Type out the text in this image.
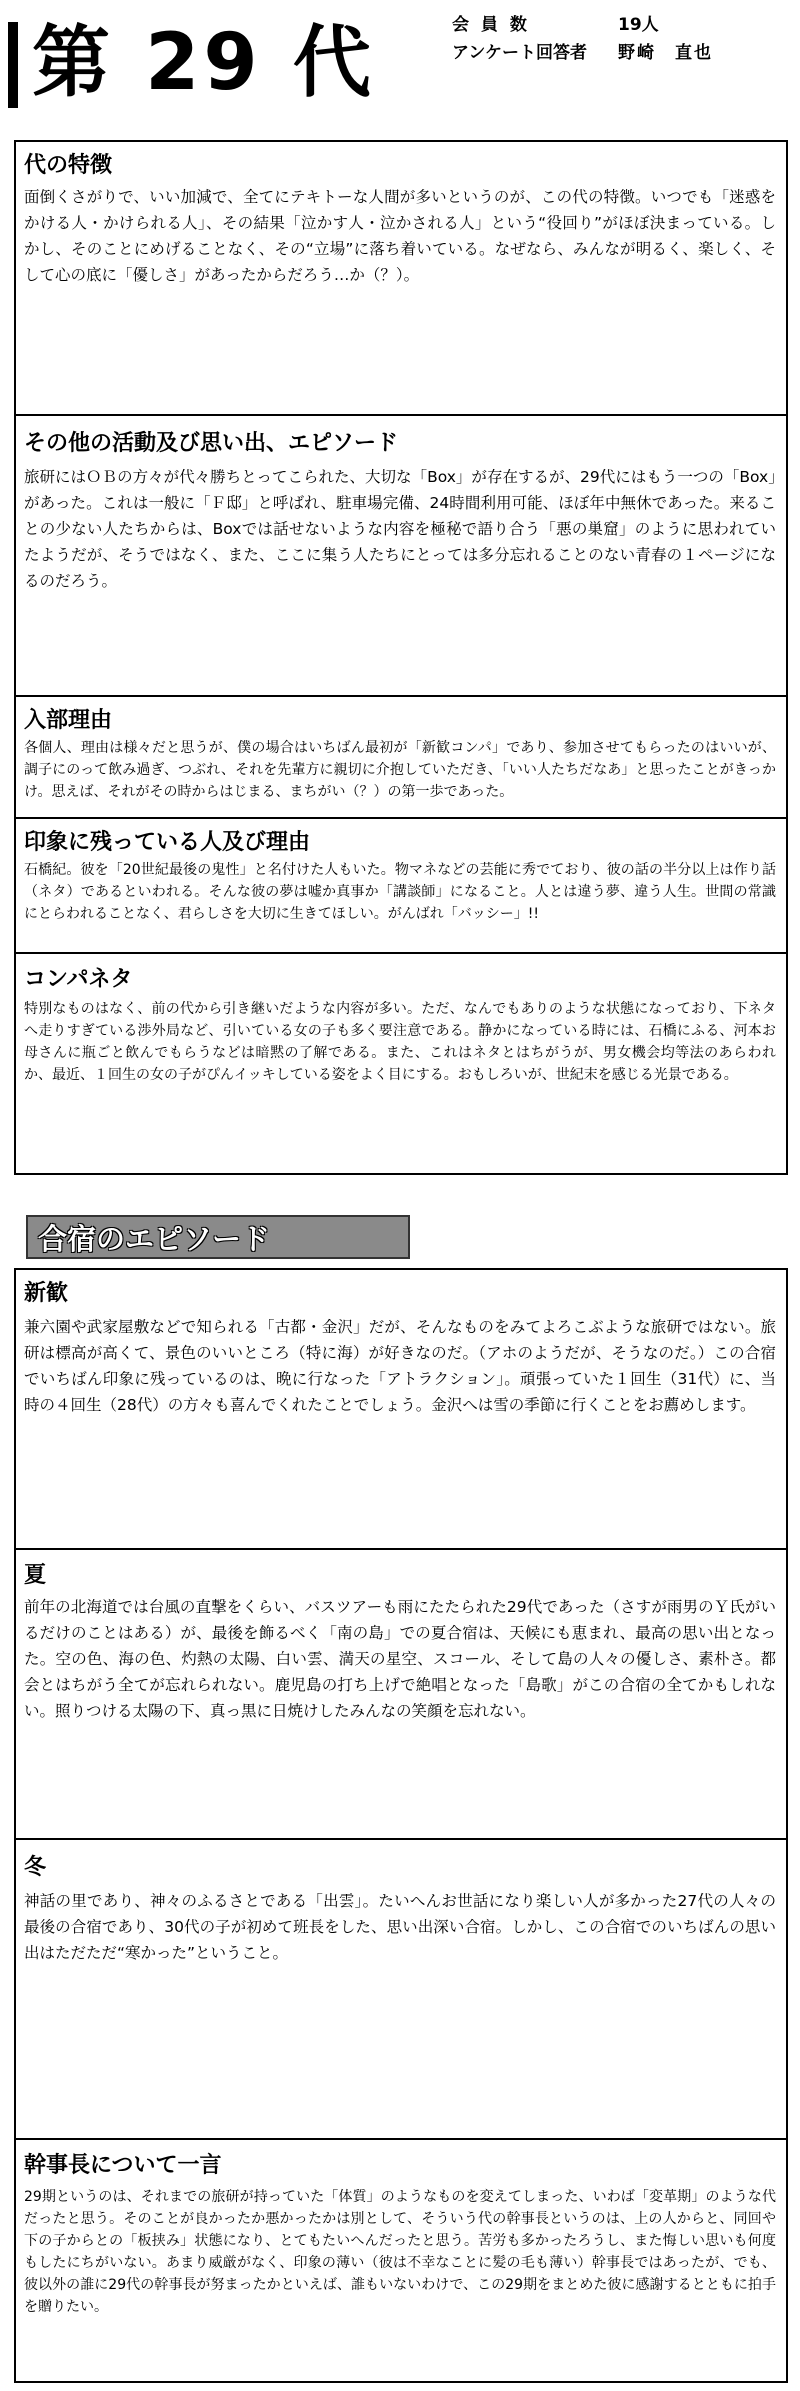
第 29 代	会 員 数	19人
アンケート回答者 野崎　直也
代の特徴
面倒くさがりで、いい加減で、全てにテキトーな人間が多いというのが、この代の特徴。いつでも「迷惑をかける人・かけられる人」、その結果「泣かす人・泣かされる人」という“役回り”がほぼ決まっている。しかし、そのことにめげることなく、その“立場”に落ち着いている。なぜなら、みんなが明るく、楽しく、そして心の底に「優しさ」があったからだろう…か（？）。
その他の活動及び思い出、エピソード
旅研にはＯＢの方々が代々勝ちとってこられた、大切な「Box」が存在するが、29代にはもう一つの「Box」があった。これは一般に「Ｆ邸」と呼ばれ、駐車場完備、24時間利用可能、ほぼ年中無休であった。来ることの少ない人たちからは、Boxでは話せないような内容を極秘で語り合う「悪の巣窟」のように思われていたようだが、そうではなく、また、ここに集う人たちにとっては多分忘れることのない青春の１ページになるのだろう。
入部理由
各個人、理由は様々だと思うが、僕の場合はいちばん最初が「新歓コンパ」であり、参加させてもらったのはいいが、調子にのって飲み過ぎ、つぶれ、それを先輩方に親切に介抱していただき、「いい人たちだなあ」と思ったことがきっかけ。思えば、それがその時からはじまる、まちがい（？）の第一歩であった。
印象に残っている人及び理由
石橋紀。彼を「20世紀最後の鬼性」と名付けた人もいた。物マネなどの芸能に秀でており、彼の話の半分以上は作り話（ネタ）であるといわれる。そんな彼の夢は嘘か真事か「講談師」になること。人とは違う夢、違う人生。世間の常識にとらわれることなく、君らしさを大切に生きてほしい。がんばれ「バッシー」!!
コンパネタ
特別なものはなく、前の代から引き継いだような内容が多い。ただ、なんでもありのような状態になっており、下ネタへ走りすぎている渉外局など、引いている女の子も多く要注意である。静かになっている時には、石橋にふる、河本お母さんに瓶ごと飲んでもらうなどは暗黙の了解である。また、これはネタとはちがうが、男女機会均等法のあらわれか、最近、１回生の女の子がぴんイッキしている姿をよく目にする。おもしろいが、世紀末を感じる光景である。
合宿のエピソード
新歓
兼六園や武家屋敷などで知られる「古都・金沢」だが、そんなものをみてよろこぶような旅研ではない。旅研は標高が高くて、景色のいいところ（特に海）が好きなのだ。（アホのようだが、そうなのだ。）この合宿でいちばん印象に残っているのは、晩に行なった「アトラクション」。頑張っていた１回生（31代）に、当時の４回生（28代）の方々も喜んでくれたことでしょう。金沢へは雪の季節に行くことをお薦めします。
夏
前年の北海道では台風の直撃をくらい、バスツアーも雨にたたられた29代であった（さすが雨男のＹ氏がいるだけのことはある）が、最後を飾るべく「南の島」での夏合宿は、天候にも恵まれ、最高の思い出となった。空の色、海の色、灼熱の太陽、白い雲、満天の星空、スコール、そして島の人々の優しさ、素朴さ。都会とはちがう全てが忘れられない。鹿児島の打ち上げで絶唱となった「島歌」がこの合宿の全てかもしれない。照りつける太陽の下、真っ黒に日焼けしたみんなの笑顔を忘れない。
冬
神話の里であり、神々のふるさとである「出雲」。たいへんお世話になり楽しい人が多かった27代の人々の最後の合宿であり、30代の子が初めて班長をした、思い出深い合宿。しかし、この合宿でのいちばんの思い出はただただ“寒かった”ということ。
幹事長について一言
29期というのは、それまでの旅研が持っていた「体質」のようなものを変えてしまった、いわば「変革期」のような代だったと思う。そのことが良かったか悪かったかは別として、そういう代の幹事長というのは、上の人からと、同回や下の子からとの「板挟み」状態になり、とてもたいへんだったと思う。苦労も多かったろうし、また悔しい思いも何度もしたにちがいない。あまり威厳がなく、印象の薄い（彼は不幸なことに髪の毛も薄い）幹事長ではあったが、でも、彼以外の誰に29代の幹事長が努まったかといえば、誰もいないわけで、この29期をまとめた彼に感謝するとともに拍手を贈りたい。
